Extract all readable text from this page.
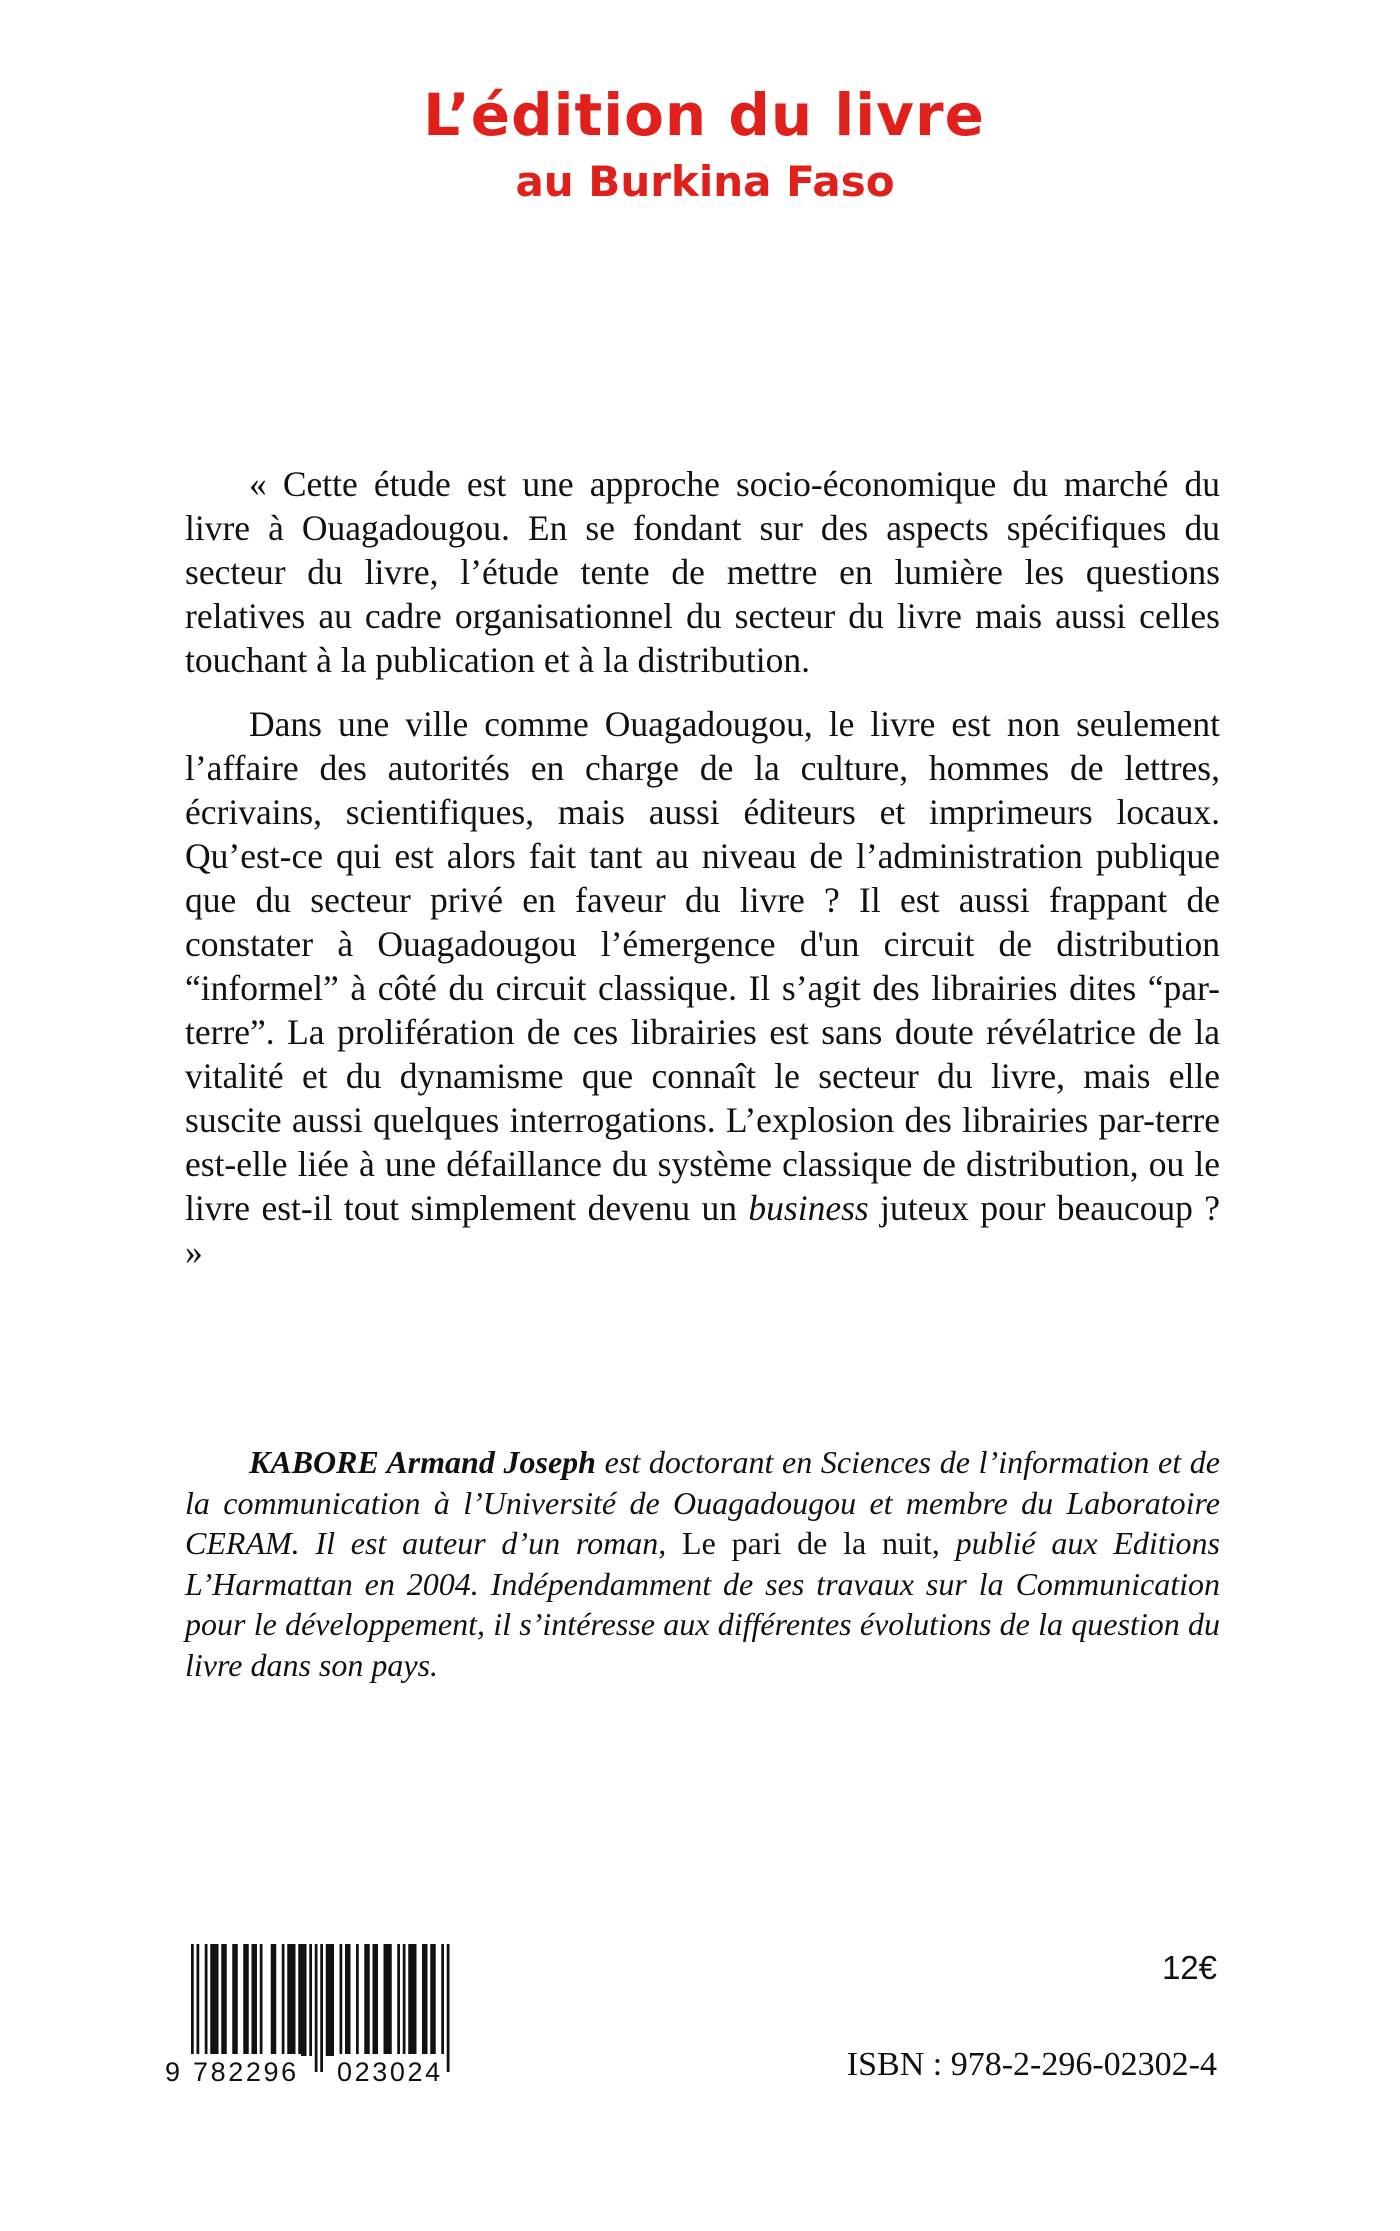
L’édition du livre
au Burkina Faso

« Cette étude est une approche socio-économique du marché du livre à Ouagadougou. En se fondant sur des aspects spécifiques du secteur du livre, l’étude tente de mettre en lumière les questions relatives au cadre organisationnel du secteur du livre mais aussi celles touchant à la publication et à la distribution.

Dans une ville comme Ouagadougou, le livre est non seulement l’affaire des autorités en charge de la culture, hommes de lettres, écrivains, scientifiques, mais aussi éditeurs et imprimeurs locaux. Qu’est-ce qui est alors fait tant au niveau de l’administration publique que du secteur privé en faveur du livre ? Il est aussi frappant de constater à Ouagadougou l’émergence d'un circuit de distribution “informel” à côté du circuit classique. Il s’agit des librairies dites “par-terre”. La prolifération de ces librairies est sans doute révélatrice de la vitalité et du dynamisme que connaît le secteur du livre, mais elle suscite aussi quelques interrogations. L’explosion des librairies par-terre est-elle liée à une défaillance du système classique de distribution, ou le livre est-il tout simplement devenu un business juteux pour beaucoup ? »

KABORE Armand Joseph est doctorant en Sciences de l’information et de la communication à l’Université de Ouagadougou et membre du Laboratoire CERAM. Il est auteur d’un roman, Le pari de la nuit, publié aux Editions L’Harmattan en 2004. Indépendamment de ses travaux sur la Communication pour le développement, il s’intéresse aux différentes évolutions de la question du livre dans son pays.

9 782296 023024
12€
ISBN : 978-2-296-02302-4
